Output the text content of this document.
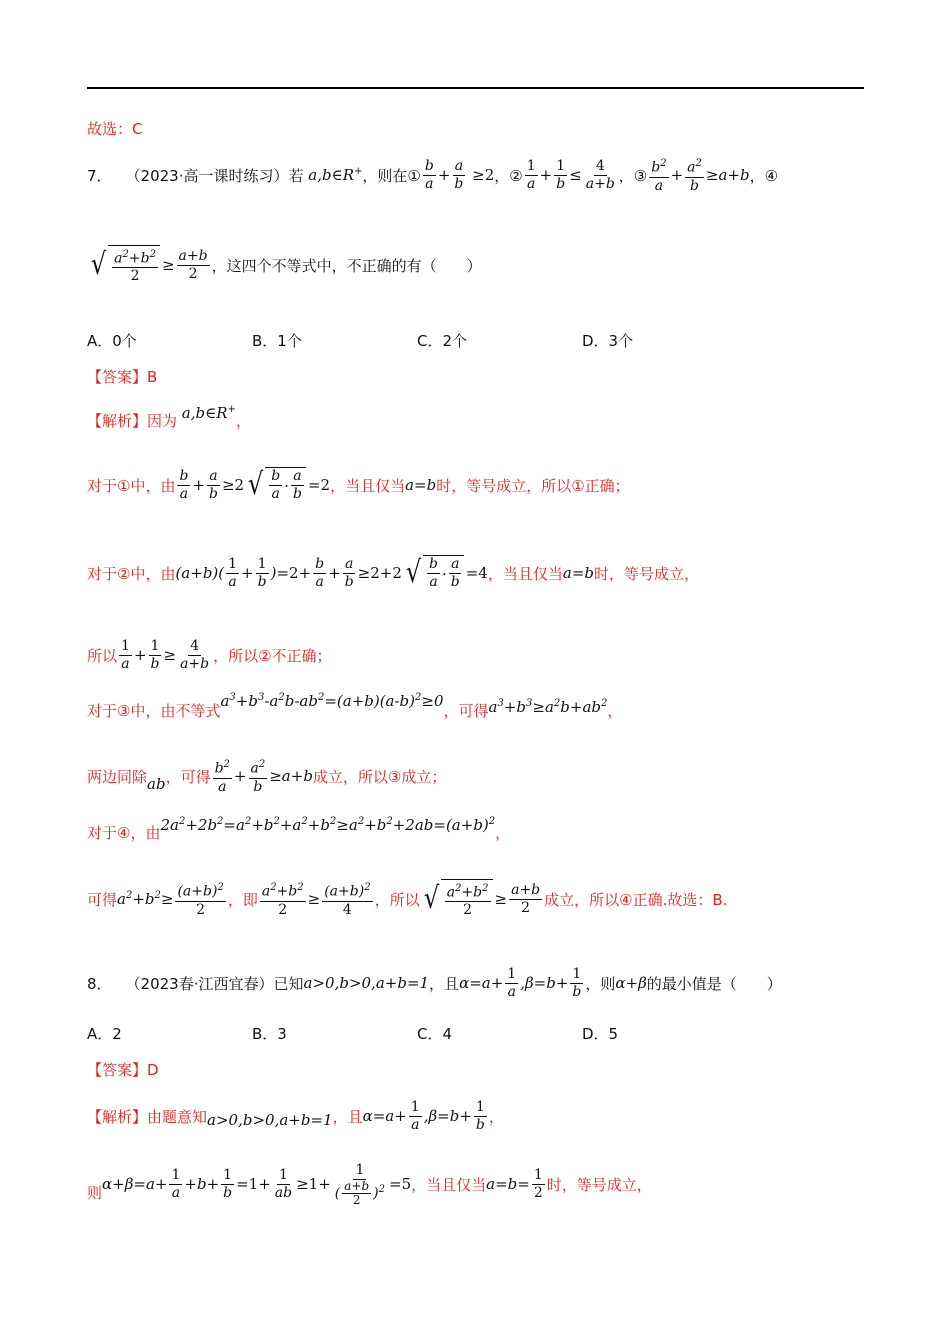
故选：C
7． （2023·高一课时练习） 若 a,b∈R+ ，则在① $\frac{b}{a} + \frac{a}{b} \ge 2$ ，② $\frac{1}{a} + \frac{1}{b} \le \frac{4}{a+b}$ ，③ $\frac{b^2}{a} + \frac{a^2}{b} \ge a+b$ ，④
√ $\frac{a^2+b^2}{2} \ge \frac{a+b}{2}$ ，这四个不等式中，不正确的有（　　）
A．0个	B．1个	C．2个	D．3个
【答案】B
【解析】 因为 a,b∈R+
，
对于①中，由 $\frac{b}{a} + \frac{a}{b} \ge 2$ √ $\frac{b}{a} \cdot \frac{a}{b} =2$ ，当且仅当 a=b 时，等号成立，所以①正确；
对于②中，由 $(a+b)( \frac{1}{a} + \frac{1}{b}$ ) $=2+ \frac{b}{a} + \frac{a}{b} \ge 2+2$ √ $\frac{b}{a} \cdot \frac{a}{b} =4$ ，当且仅当 a=b 时，等号成立，
所以 $\frac{1}{a} + \frac{1}{b} \ge \frac{4}{a+b}$ ，所以②不正确；
对于③中，由不等式
$a^3+b^3-a^2b-ab^2=(a+b)(a-b)^2\ge 0$
，可得 $a^3+b^3\ge a^2b+ab^2$ ，
两边同除 ab ，可得 $\frac{b^2}{a} + \frac{a^2}{b} \ge a+b$ 成立，所以③成立；
对于④，由 $2a^2+2b^2=a^2+b^2+a^2+b^2\ge a^2+b^2+2ab=(a+b)^2$
，
可得 $a^2+b^2\ge \frac{(a+b)^2}{2}$ ，即 $\frac{a^2+b^2}{2} \ge \frac{(a+b)^2}{4}$ ，所以 √ $\frac{a^2+b^2}{2} \ge \frac{a+b}{2}$ 成立，所以④正确.故选：B.
8． （2023春·江西宜春） 已知 a>0,b>0,a+b=1 ，且 $\alpha=a+ \frac{1}{a} ,\beta=b+ \frac{1}{b}$ ，则 α+β 的最小值是（　　）
A．2	B．3	C．4	D．5
【答案】D
【解析】 由题意知 a>0,b>0,a+b=1 ，且 $\alpha=a+ \frac{1}{a} ,\beta=b+ \frac{1}{b}$ ，
则 $\alpha+\beta=a+ \frac{1}{a} +b+ \frac{1}{b} =1+ \frac{1}{ab} \ge 1+ \frac{1}{( \frac{a+b}{2} )^2} =5$ ，当且仅当 $a=b= \frac{1}{2}$ 时，等号成立，
